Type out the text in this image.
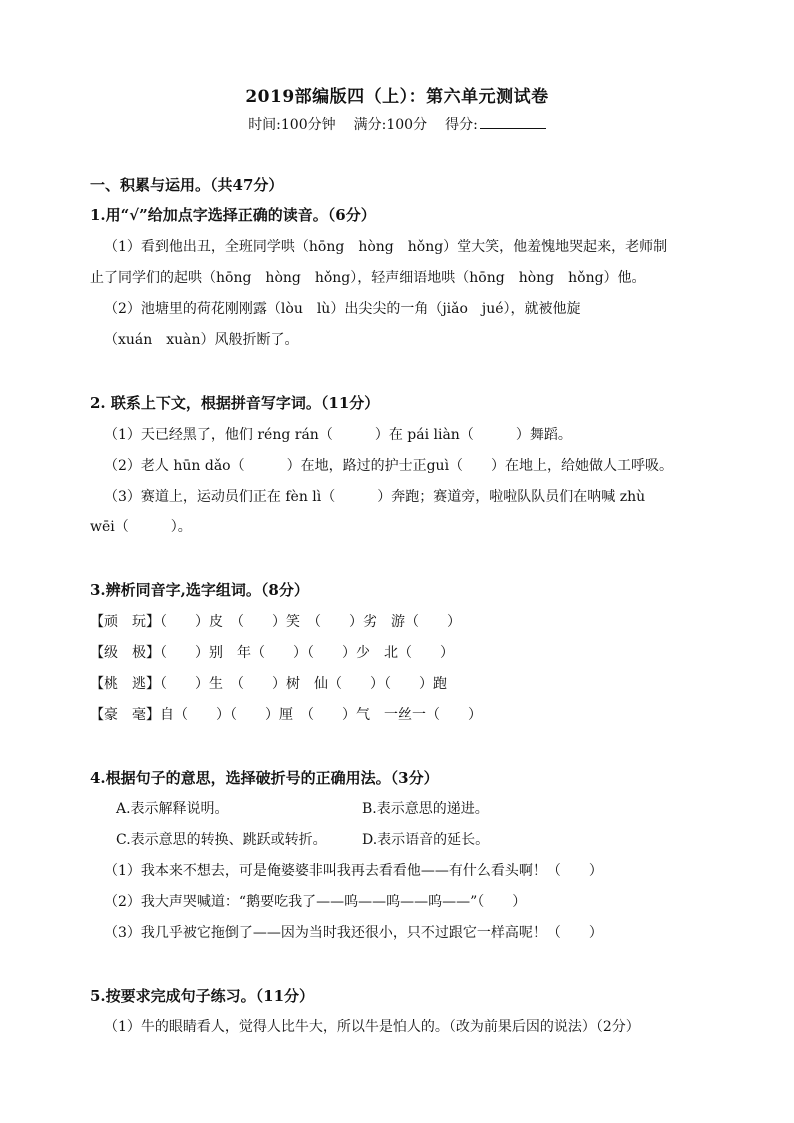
2019部编版四（上）：第六单元测试卷
时间:100分钟 满分:100分 得分:
一、积累与运用。（共47分）
1.用“√”给加点字选择正确的读音。（6分）
（1）看到他出丑，全班同学哄（hōng　hòng　hǒng）堂大笑，他羞愧地哭起来，老师制
止了同学们的起哄（hōng　hòng　hǒng），轻声细语地哄（hōng　hòng　hǒng）他。
（2）池塘里的荷花刚刚露（lòu　lù）出尖尖的一角（jiǎo　jué），就被他旋
（xuán　xuàn）风般折断了。
2. 联系上下文，根据拼音写字词。（11分）
（1）天已经黑了，他们 réng rán（　　　）在 pái liàn（　　　）舞蹈。
（2）老人 hūn dǎo（　　　）在地，路过的护士正guì（　　）在地上，给她做人工呼吸。
（3）赛道上，运动员们正在 fèn lì（　　　）奔跑；赛道旁，啦啦队队员们在呐喊 zhù
wēi（　　　）。
3.辨析同音字,选字组词。（8分）
【顽　玩】（　　）皮　（　　）笑　（　　）劣　游（　　）
【级　极】（　　）别　年（　　）（　　）少　北（　　）
【桃　逃】（　　）生　（　　）树　仙（　　）（　　）跑
【豪　毫】自（　　）（　　）厘　（　　）气　一丝一（　　）
4.根据句子的意思，选择破折号的正确用法。（3分）
A.表示解释说明。	B.表示意思的递进。
C.表示意思的转换、跳跃或转折。	D.表示语音的延长。
（1）我本来不想去，可是俺婆婆非叫我再去看看他——有什么看头啊！（　　）
（2）我大声哭喊道：“鹅要吃我了——呜——呜——呜——”（　　）
（3）我几乎被它拖倒了——因为当时我还很小，只不过跟它一样高呢！（　　）
5.按要求完成句子练习。（11分）
（1）牛的眼睛看人，觉得人比牛大，所以牛是怕人的。（改为前果后因的说法）（2分）
